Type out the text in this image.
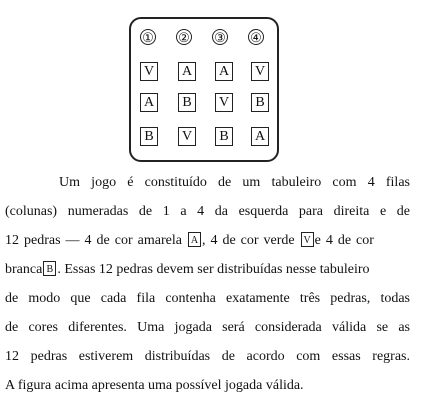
① ② ③ ④
V A A V
A	B	V	B
B	V	B	A
Um jogo é constituído de um tabuleiro com 4 filas
(colunas) numeradas de 1 a 4 da esquerda para direita e de
12 pedras — 4 de cor amarela A , 4 de cor verde V e 4 de cor
branca B . Essas 12 pedras devem ser distribuídas nesse tabuleiro
de modo que cada fila contenha exatamente três pedras, todas
de cores diferentes. Uma jogada será considerada válida se as
12 pedras estiverem distribuídas de acordo com essas regras.
A figura acima apresenta uma possível jogada válida.
